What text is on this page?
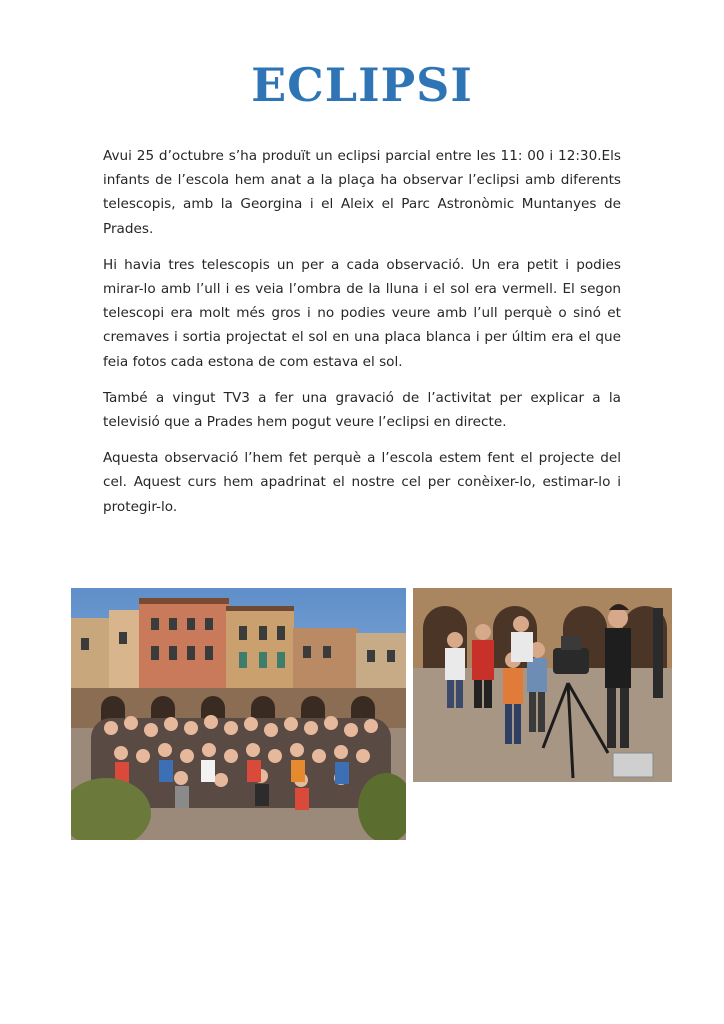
ECLIPSI

Avui 25 d’octubre s’ha produït un eclipsi parcial entre les 11: 00 i 12:30.Els infants de l’escola hem anat a la plaça ha observar l’eclipsi amb diferents telescopis, amb la Georgina i el Aleix el Parc Astronòmic Muntanyes de Prades.

Hi havia tres telescopis un per a cada observació. Un era petit i podies mirar-lo amb l’ull i es veia l’ombra de la lluna i el sol era vermell. El segon telescopi era molt més gros i no podies veure amb l’ull perquè o sinó et cremaves i sortia projectat el sol en una placa blanca i per últim era el que feia fotos cada estona de com estava el sol.

També a vingut TV3 a fer una gravació de l’activitat per explicar a la televisió que a Prades hem pogut veure l’eclipsi en directe.

Aquesta observació l’hem fet perquè a l’escola estem fent el projecte del cel. Aquest curs hem apadrinat el nostre cel per conèixer-lo, estimar-lo i protegir-lo.
